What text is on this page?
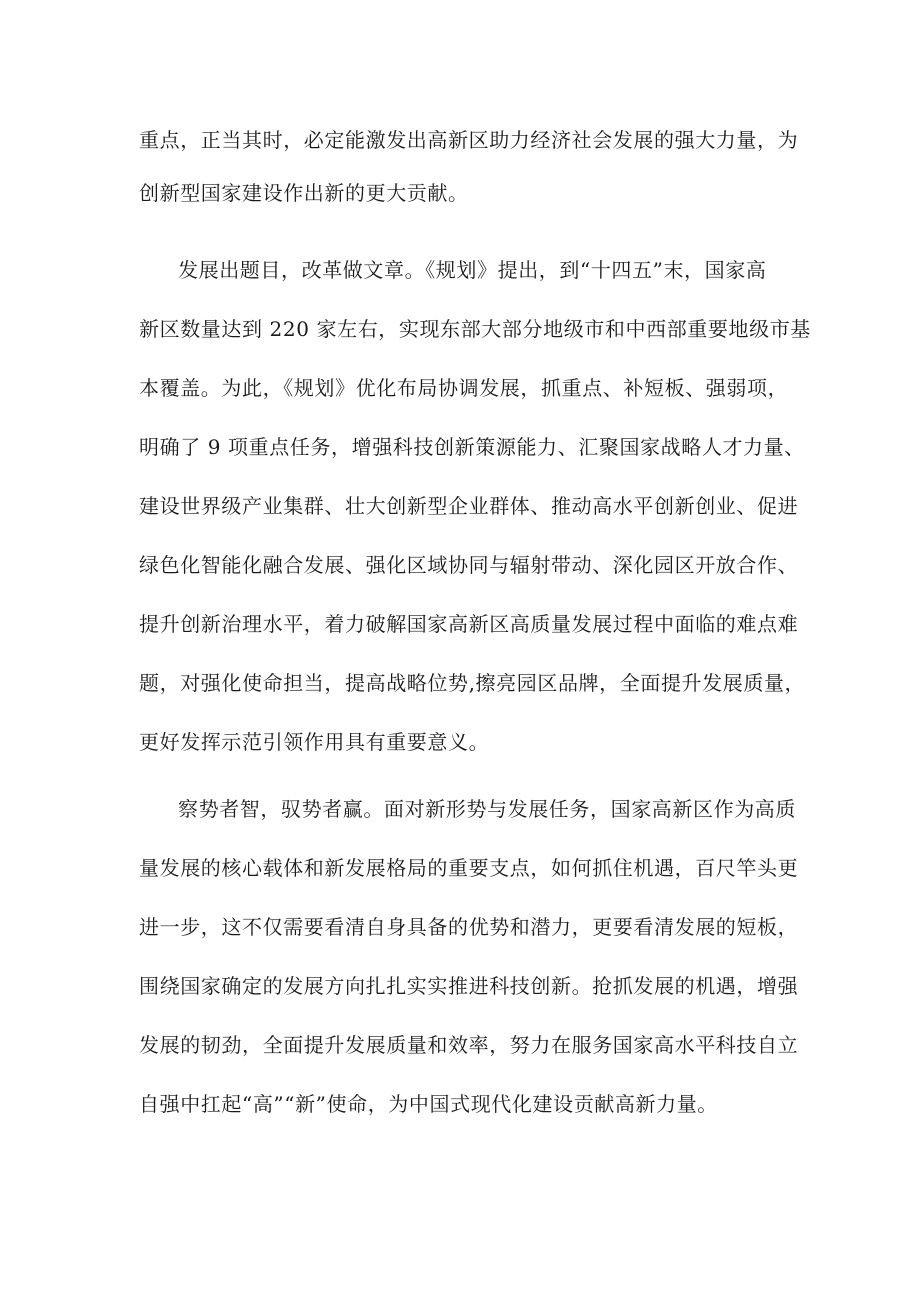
重点，正当其时，必定能激发出高新区助力经济社会发展的强大力量，为
创新型国家建设作出新的更大贡献。
发展出题目，改革做文章。《规划》提出，到“十四五”末，国家高
新区数量达到 220 家左右，实现东部大部分地级市和中西部重要地级市基
本覆盖。为此，《规划》优化布局协调发展，抓重点、补短板、强弱项，
明确了 9 项重点任务，增强科技创新策源能力、汇聚国家战略人才力量、
建设世界级产业集群、壮大创新型企业群体、推动高水平创新创业、促进
绿色化智能化融合发展、强化区域协同与辐射带动、深化园区开放合作、
提升创新治理水平，着力破解国家高新区高质量发展过程中面临的难点难
题，对强化使命担当，提高战略位势,擦亮园区品牌，全面提升发展质量，
更好发挥示范引领作用具有重要意义。
察势者智，驭势者赢。面对新形势与发展任务，国家高新区作为高质
量发展的核心载体和新发展格局的重要支点，如何抓住机遇，百尺竿头更
进一步，这不仅需要看清自身具备的优势和潜力，更要看清发展的短板，
围绕国家确定的发展方向扎扎实实推进科技创新。抢抓发展的机遇，增强
发展的韧劲，全面提升发展质量和效率，努力在服务国家高水平科技自立
自强中扛起“高”“新”使命，为中国式现代化建设贡献高新力量。
